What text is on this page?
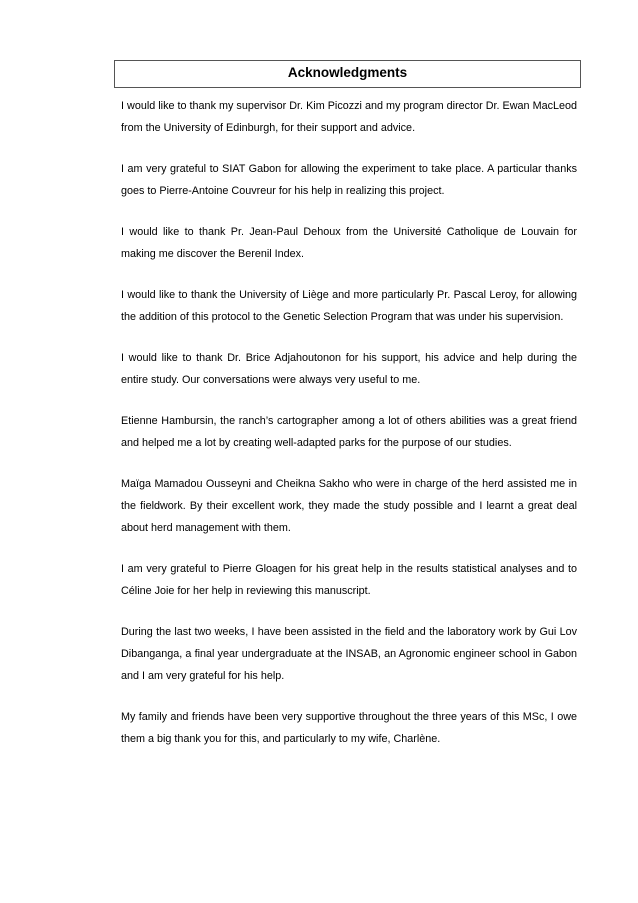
Acknowledgments

I would like to thank my supervisor Dr. Kim Picozzi and my program director Dr. Ewan MacLeod from the University of Edinburgh, for their support and advice.

I am very grateful to SIAT Gabon for allowing the experiment to take place. A particular thanks goes to Pierre-Antoine Couvreur for his help in realizing this project.

I would like to thank Pr. Jean-Paul Dehoux from the Université Catholique de Louvain for making me discover the Berenil Index.

I would like to thank the University of Liège and more particularly Pr. Pascal Leroy, for allowing the addition of this protocol to the Genetic Selection Program that was under his supervision.

I would like to thank Dr. Brice Adjahoutonon for his support, his advice and help during the entire study. Our conversations were always very useful to me.

Etienne Hambursin, the ranch’s cartographer among a lot of others abilities was a great friend and helped me a lot by creating well-adapted parks for the purpose of our studies.

Maïga Mamadou Ousseyni and Cheikna Sakho who were in charge of the herd assisted me in the fieldwork. By their excellent work, they made the study possible and I learnt a great deal about herd management with them.

I am very grateful to Pierre Gloagen for his great help in the results statistical analyses and to Céline Joie for her help in reviewing this manuscript.

During the last two weeks, I have been assisted in the field and the laboratory work by Gui Lov Dibanganga, a final year undergraduate at the INSAB, an Agronomic engineer school in Gabon and I am very grateful for his help.

My family and friends have been very supportive throughout the three years of this MSc, I owe them a big thank you for this, and particularly to my wife, Charlène.
